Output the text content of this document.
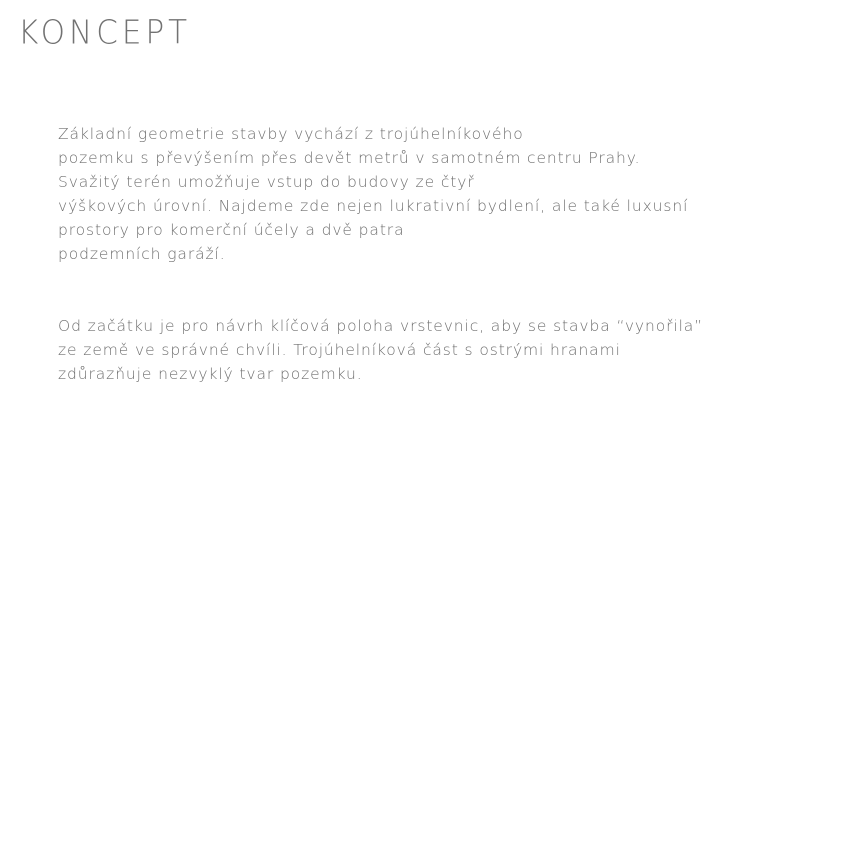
KONCEPT
Základní geometrie stavby vychází z trojúhelníkového
pozemku s převýšením přes devět metrů v samotném centru Prahy.
Svažitý terén umožňuje vstup do budovy ze čtyř
výškových úrovní. Najdeme zde nejen lukrativní bydlení, ale také luxusní
prostory pro komerční účely a dvě patra
podzemních garáží.
Od začátku je pro návrh klíčová poloha vrstevnic, aby se stavba “vynořila”
ze země ve správné chvíli. Trojúhelníková část s ostrými hranami
zdůrazňuje nezvyklý tvar pozemku.
